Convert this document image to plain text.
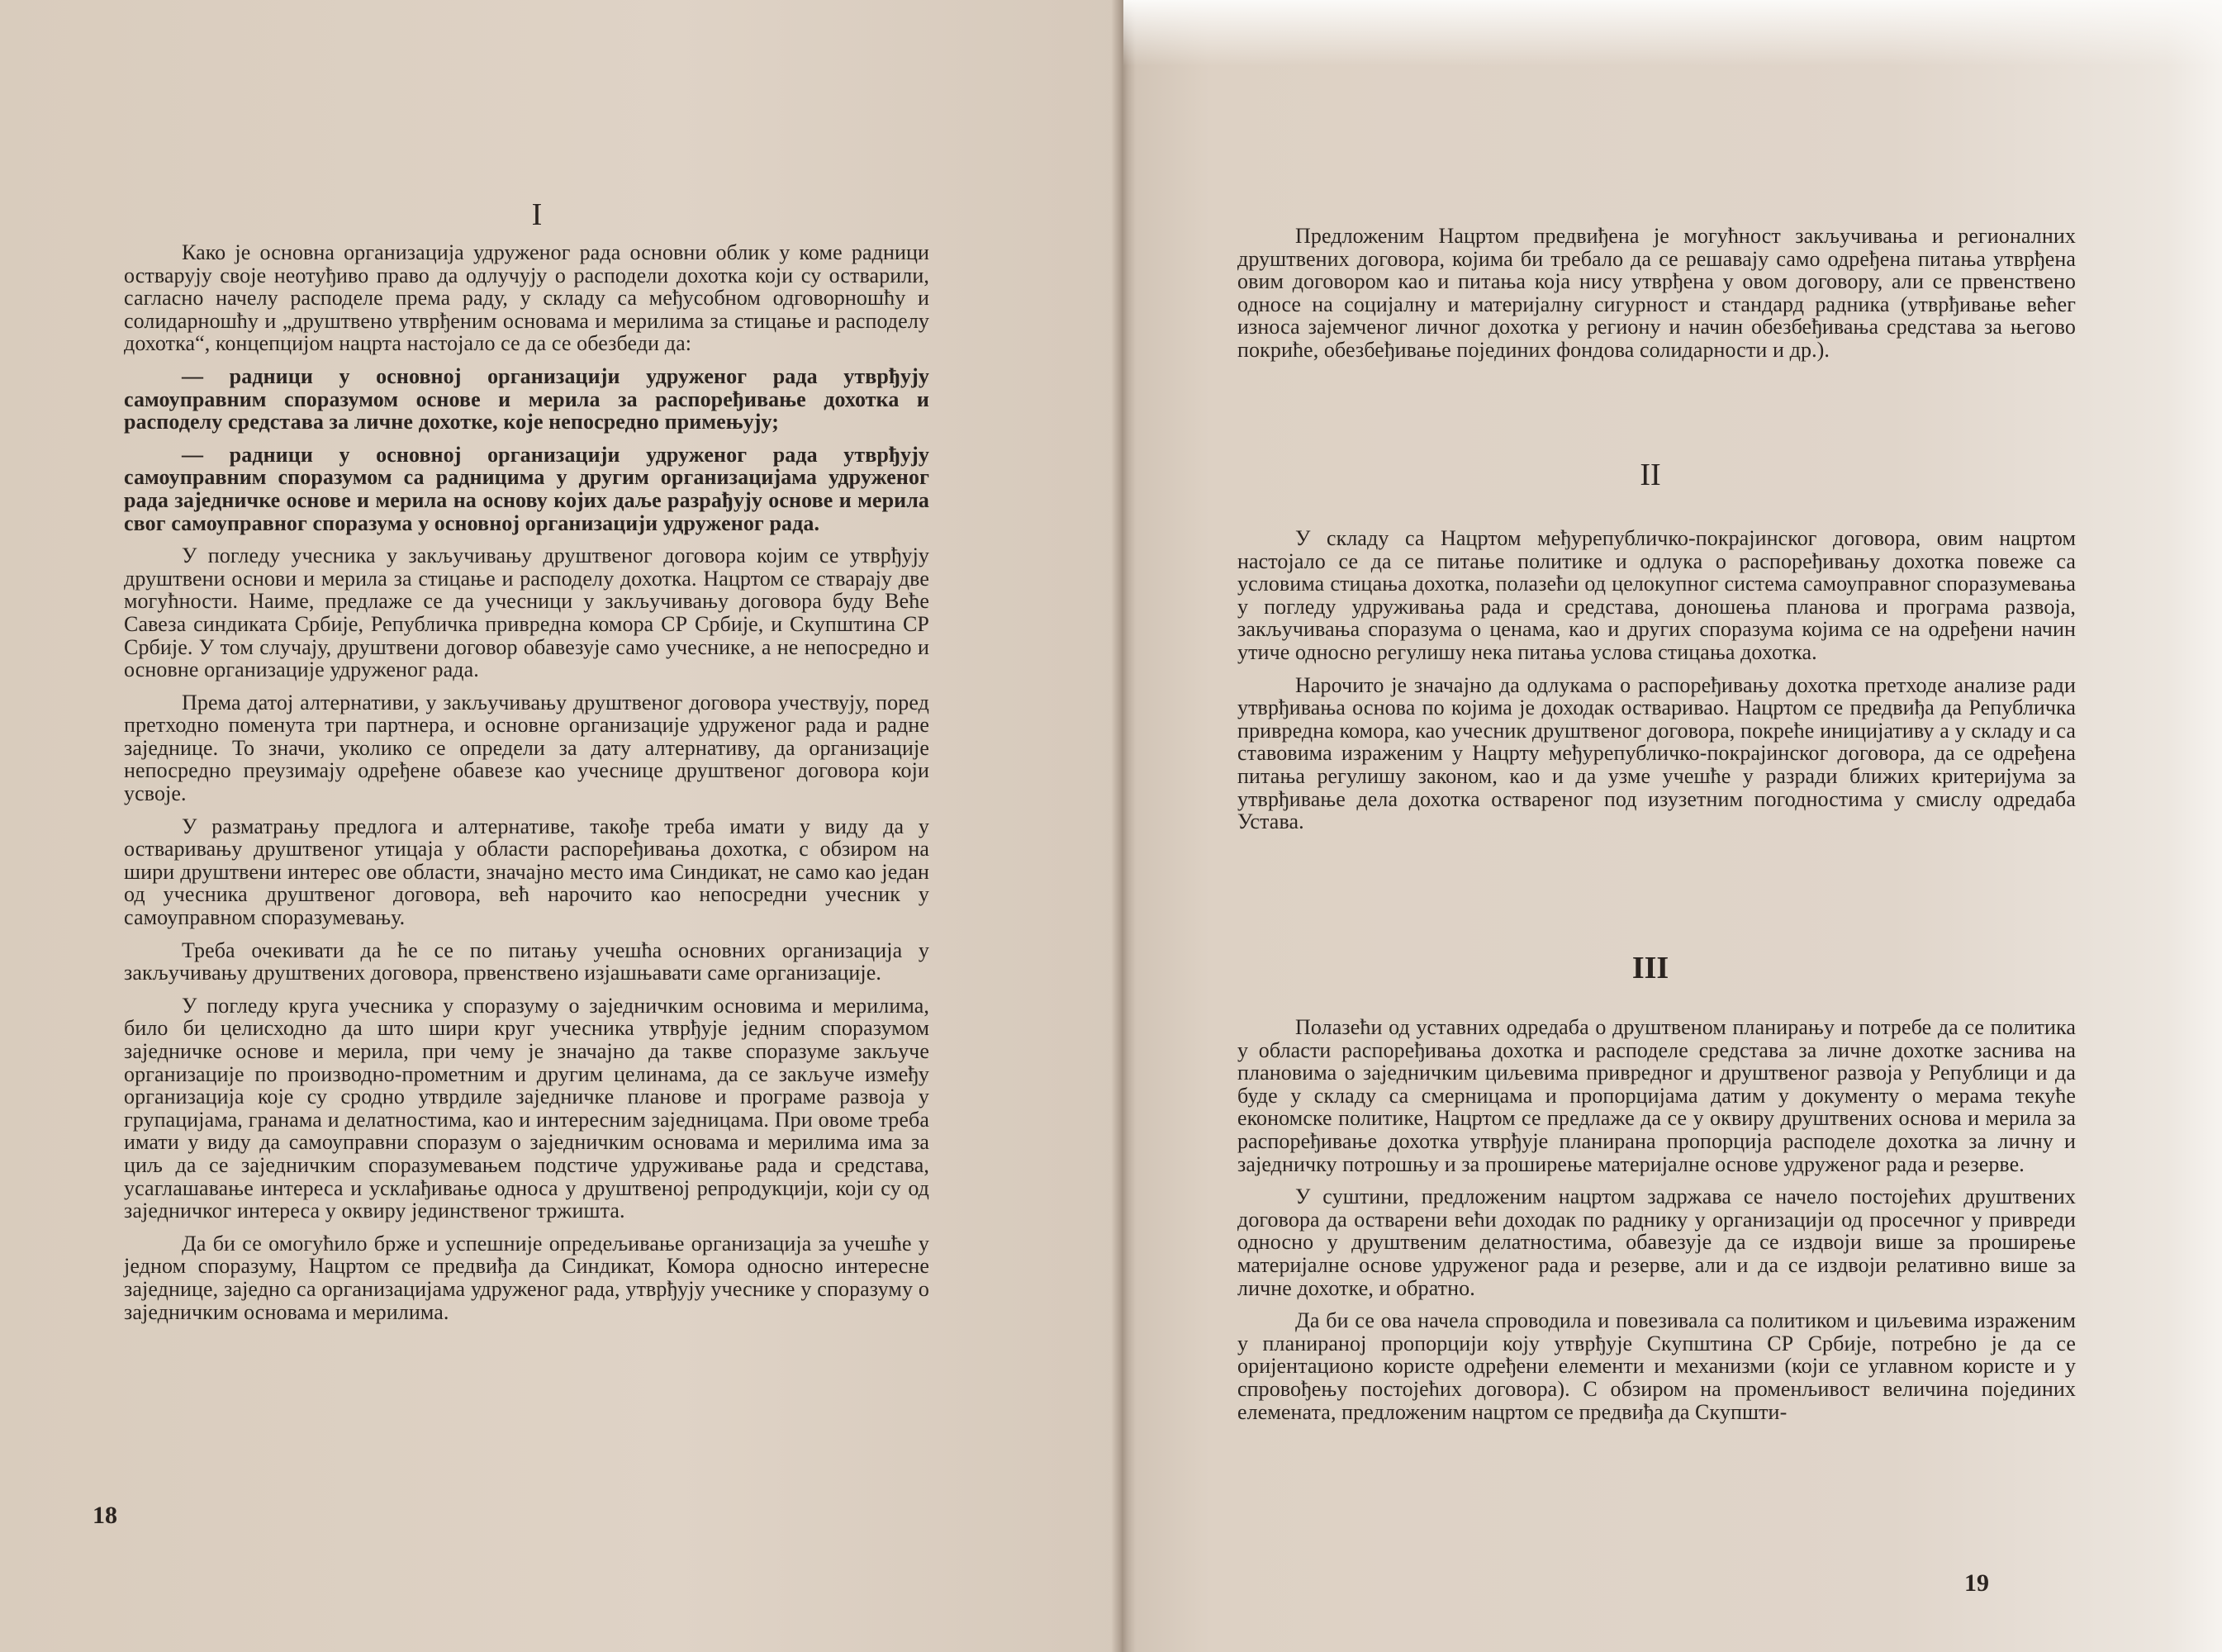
I

Како је основна организација удруженог рада основни облик у коме радници остварују своје неотуђиво право да одлучују о расподели дохотка који су остварили, сагласно начелу расподеле према раду, у складу са међусобном одговорношћу и солидарношћу и „друштвено утврђеним основама и мерилима за стицање и расподелу дохотка“, концепцијом нацрта настојало се да се обезбеди да:

— радници у основној организацији удруженог рада утврђују самоуправним споразумом основе и мерила за распоређивање дохотка и расподелу средстава за личне дохотке, које непосредно примењују;

— радници у основној организацији удруженог рада утврђују самоуправним споразумом са радницима у другим организацијама удруженог рада заједничке основе и мерила на основу којих даље разрађују основе и мерила свог самоуправног споразума у основној организацији удруженог рада.

У погледу учесника у закључивању друштвеног договора којим се утврђују друштвени основи и мерила за стицање и расподелу дохотка. Нацртом се стварају две могућности. Наиме, предлаже се да учесници у закључивању договора буду Веће Савеза синдиката Србије, Републичка привредна комора СР Србије, и Скупштина СР Србије. У том случају, друштвени договор обавезује само учеснике, а не непосредно и основне организације удруженог рада.

Према датој алтернативи, у закључивању друштвеног договора учествују, поред претходно поменута три партнера, и основне организације удруженог рада и радне заједнице. То значи, уколико се определи за дату алтернативу, да организације непосредно преузимају одређене обавезе као учеснице друштвеног договора који усвоје.

У разматрању предлога и алтернативе, такође треба имати у виду да у остваривању друштвеног утицаја у области распоређивања дохотка, с обзиром на шири друштвени интерес ове области, значајно место има Синдикат, не само као један од учесника друштвеног договора, већ нарочито као непосредни учесник у самоуправном споразумевању.

Треба очекивати да ће се по питању учешћа основних организација у закључивању друштвених договора, првенствено изјашњавати саме организације.

У погледу круга учесника у споразуму о заједничким основима и мерилима, било би целисходно да што шири круг учесника утврђује једним споразумом заједничке основе и мерила, при чему је значајно да такве споразуме закључе организације по производно-прометним и другим целинама, да се закључе између организација које су сродно утврдиле заједничке планове и програме развоја у групацијама, гранама и делатностима, као и интересним заједницама. При овоме треба имати у виду да самоуправни споразум о заједничким основама и мерилима има за циљ да се заједничким споразумевањем подстиче удруживање рада и средстава, усаглашавање интереса и усклађивање односа у друштвеној репродукцији, који су од заједничког интереса у оквиру јединственог тржишта.

Да би се омогућило брже и успешније опредељивање организација за учешће у једном споразуму, Нацртом се предвиђа да Синдикат, Комора односно интересне заједнице, заједно са организацијама удруженог рада, утврђују учеснике у споразуму о заједничким основама и мерилима.

18

Предложеним Нацртом предвиђена је могућност закључивања и регионалних друштвених договора, којима би требало да се решавају само одређена питања утврђена овим договором као и питања која нису утврђена у овом договору, али се првенствено односе на социјалну и материјалну сигурност и стандард радника (утврђивање већег износа зајемченог личног дохотка у региону и начин обезбеђивања средстава за његово покриће, обезбеђивање појединих фондова солидарности и др.).

II

У складу са Нацртом међурепубличко-покрајинског договора, овим нацртом настојало се да се питање политике и одлука о распоређивању дохотка повеже са условима стицања дохотка, полазећи од целокупног система самоуправног споразумевања у погледу удруживања рада и средстава, доношења планова и програма развоја, закључивања споразума о ценама, као и других споразума којима се на одређени начин утиче односно регулишу нека питања услова стицања дохотка.

Нарочито је значајно да одлукама о распоређивању дохотка претходе анализе ради утврђивања основа по којима је доходак остваривао. Нацртом се предвиђа да Републичка привредна комора, као учесник друштвеног договора, покреће иницијативу а у складу и са ставовима израженим у Нацрту међурепубличко-покрајинског договора, да се одређена питања регулишу законом, као и да узме учешће у разради ближих критеријума за утврђивање дела дохотка оствареног под изузетним погодностима у смислу одредаба Устава.

III

Полазећи од уставних одредаба о друштвеном планирању и потребе да се политика у области распоређивања дохотка и расподеле средстава за личне дохотке заснива на плановима о заједничким циљевима привредног и друштвеног развоја у Републици и да буде у складу са смерницама и пропорцијама датим у документу о мерама текуће економске политике, Нацртом се предлаже да се у оквиру друштвених основа и мерила за распоређивање дохотка утврђује планирана пропорција расподеле дохотка за личну и заједничку потрошњу и за проширење материјалне основе удруженог рада и резерве.

У суштини, предложеним нацртом задржава се начело постојећих друштвених договора да остварени већи доходак по раднику у организацији од просечног у привреди односно у друштвеним делатностима, обавезује да се издвоји више за проширење материјалне основе удруженог рада и резерве, али и да се издвоји релативно више за личне дохотке, и обратно.

Да би се ова начела спроводила и повезивала са политиком и циљевима израженим у планираној пропорцији коју утврђује Скупштина СР Србије, потребно је да се оријентационо користе одређени елементи и механизми (који се углавном користе и у спровођењу постојећих договора). С обзиром на променљивост величина појединих елемената, предложеним нацртом се предвиђа да Скупшти-

19
